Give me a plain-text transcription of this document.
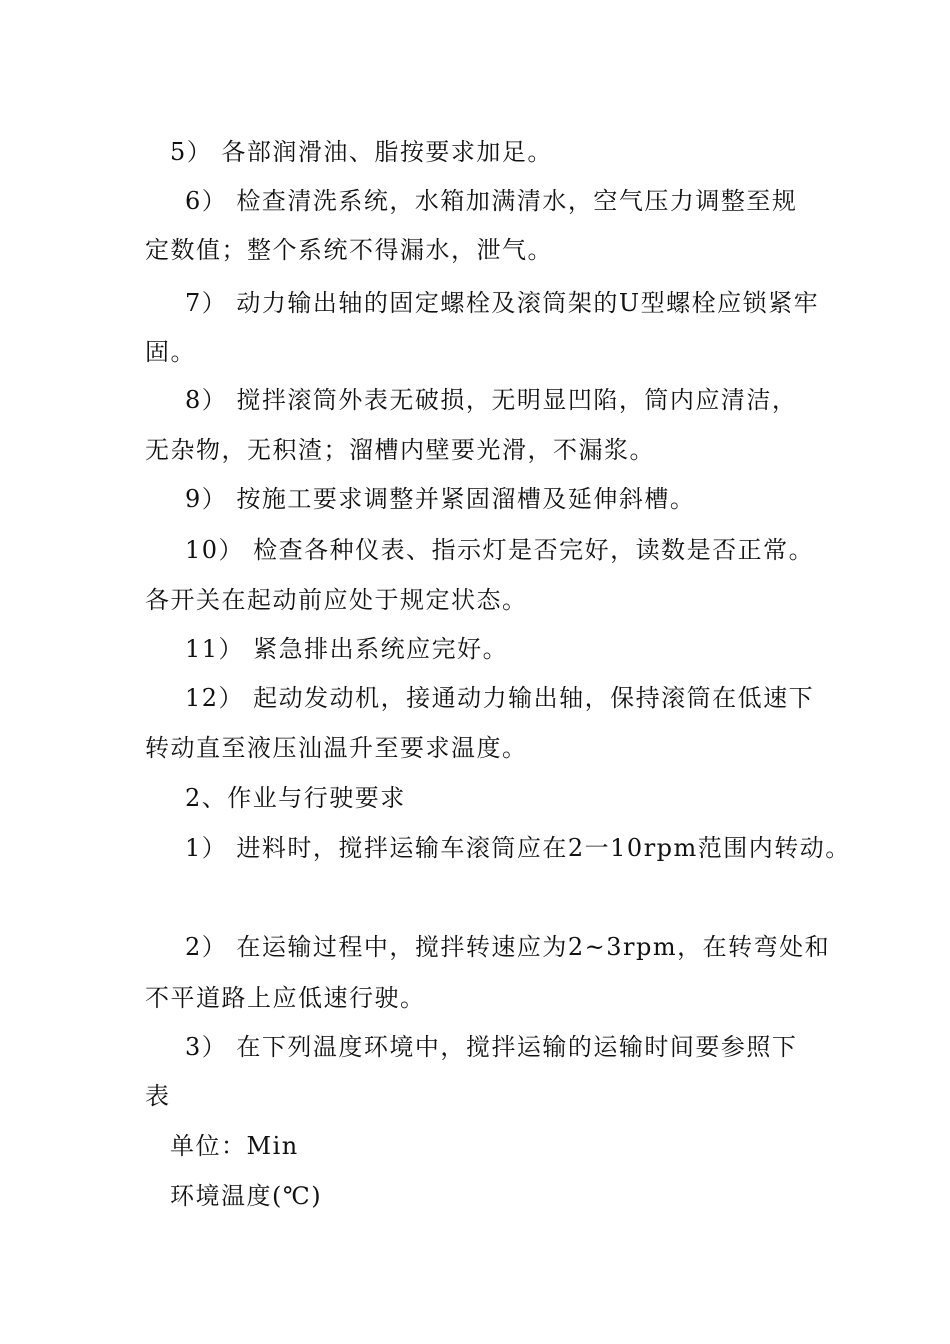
5） 各部润滑油、脂按要求加足。
6） 检查清洗系统，水箱加满清水，空气压力调整至规
定数值；整个系统不得漏水，泄气。
7） 动力输出轴的固定螺栓及滚筒架的U型螺栓应锁紧牢
固。
8） 搅拌滚筒外表无破损，无明显凹陷，筒内应清洁，
无杂物，无积渣；溜槽内壁要光滑，不漏浆。
9） 按施工要求调整并紧固溜槽及延伸斜槽。
10） 检查各种仪表、指示灯是否完好，读数是否正常。
各开关在起动前应处于规定状态。
11） 紧急排出系统应完好。
12） 起动发动机，接通动力输出轴，保持滚筒在低速下
转动直至液压汕温升至要求温度。
2、作业与行驶要求
1） 进料时，搅拌运输车滚筒应在2一10rpm范围内转动。
2） 在运输过程中，搅拌转速应为2~3rpm，在转弯处和
不平道路上应低速行驶。
3） 在下列温度环境中，搅拌运输的运输时间要参照下
表
单位：Min
环境温度(℃)
